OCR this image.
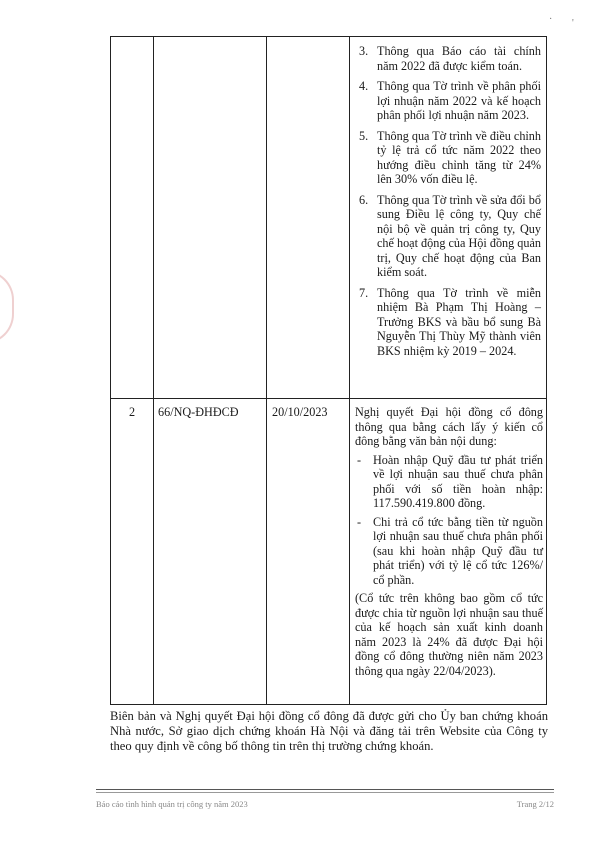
· '
3. Thông qua Báo cáo tài chính năm 2022 đã được kiểm toán.
4. Thông qua Tờ trình về phân phối lợi nhuận năm 2022 và kế hoạch phân phối lợi nhuận năm 2023.
5. Thông qua Tờ trình về điều chỉnh tỷ lệ trả cổ tức năm 2022 theo hướng điều chỉnh tăng từ 24% lên 30% vốn điều lệ.
6. Thông qua Tờ trình về sửa đổi bổ sung Điều lệ công ty, Quy chế nội bộ về quản trị công ty, Quy chế hoạt động của Hội đồng quản trị, Quy chế hoạt động của Ban kiểm soát.
7. Thông qua Tờ trình về miễn nhiệm Bà Phạm Thị Hoàng – Trưởng BKS và bầu bổ sung Bà Nguyễn Thị Thùy Mỹ thành viên BKS nhiệm kỳ 2019 – 2024.
2	66/NQ-ĐHĐCĐ	20/10/2023	Nghị quyết Đại hội đồng cổ đông thông qua bằng cách lấy ý kiến cổ đông bằng văn bản nội dung:
- Hoàn nhập Quỹ đầu tư phát triển về lợi nhuận sau thuế chưa phân phối với số tiền hoàn nhập: 117.590.419.800 đồng.
- Chi trả cổ tức bằng tiền từ nguồn lợi nhuận sau thuế chưa phân phối (sau khi hoàn nhập Quỹ đầu tư phát triển) với tỷ lệ cổ tức 126%/ cổ phần.
(Cổ tức trên không bao gồm cổ tức được chia từ nguồn lợi nhuận sau thuế của kế hoạch sản xuất kinh doanh năm 2023 là 24% đã được Đại hội đồng cổ đông thường niên năm 2023 thông qua ngày 22/04/2023).
Biên bản và Nghị quyết Đại hội đồng cổ đông đã được gửi cho Ủy ban chứng khoán Nhà nước, Sở giao dịch chứng khoán Hà Nội và đăng tải trên Website của Công ty theo quy định về công bố thông tin trên thị trường chứng khoán.
Báo cáo tình hình quản trị công ty năm 2023	Trang 2/12
